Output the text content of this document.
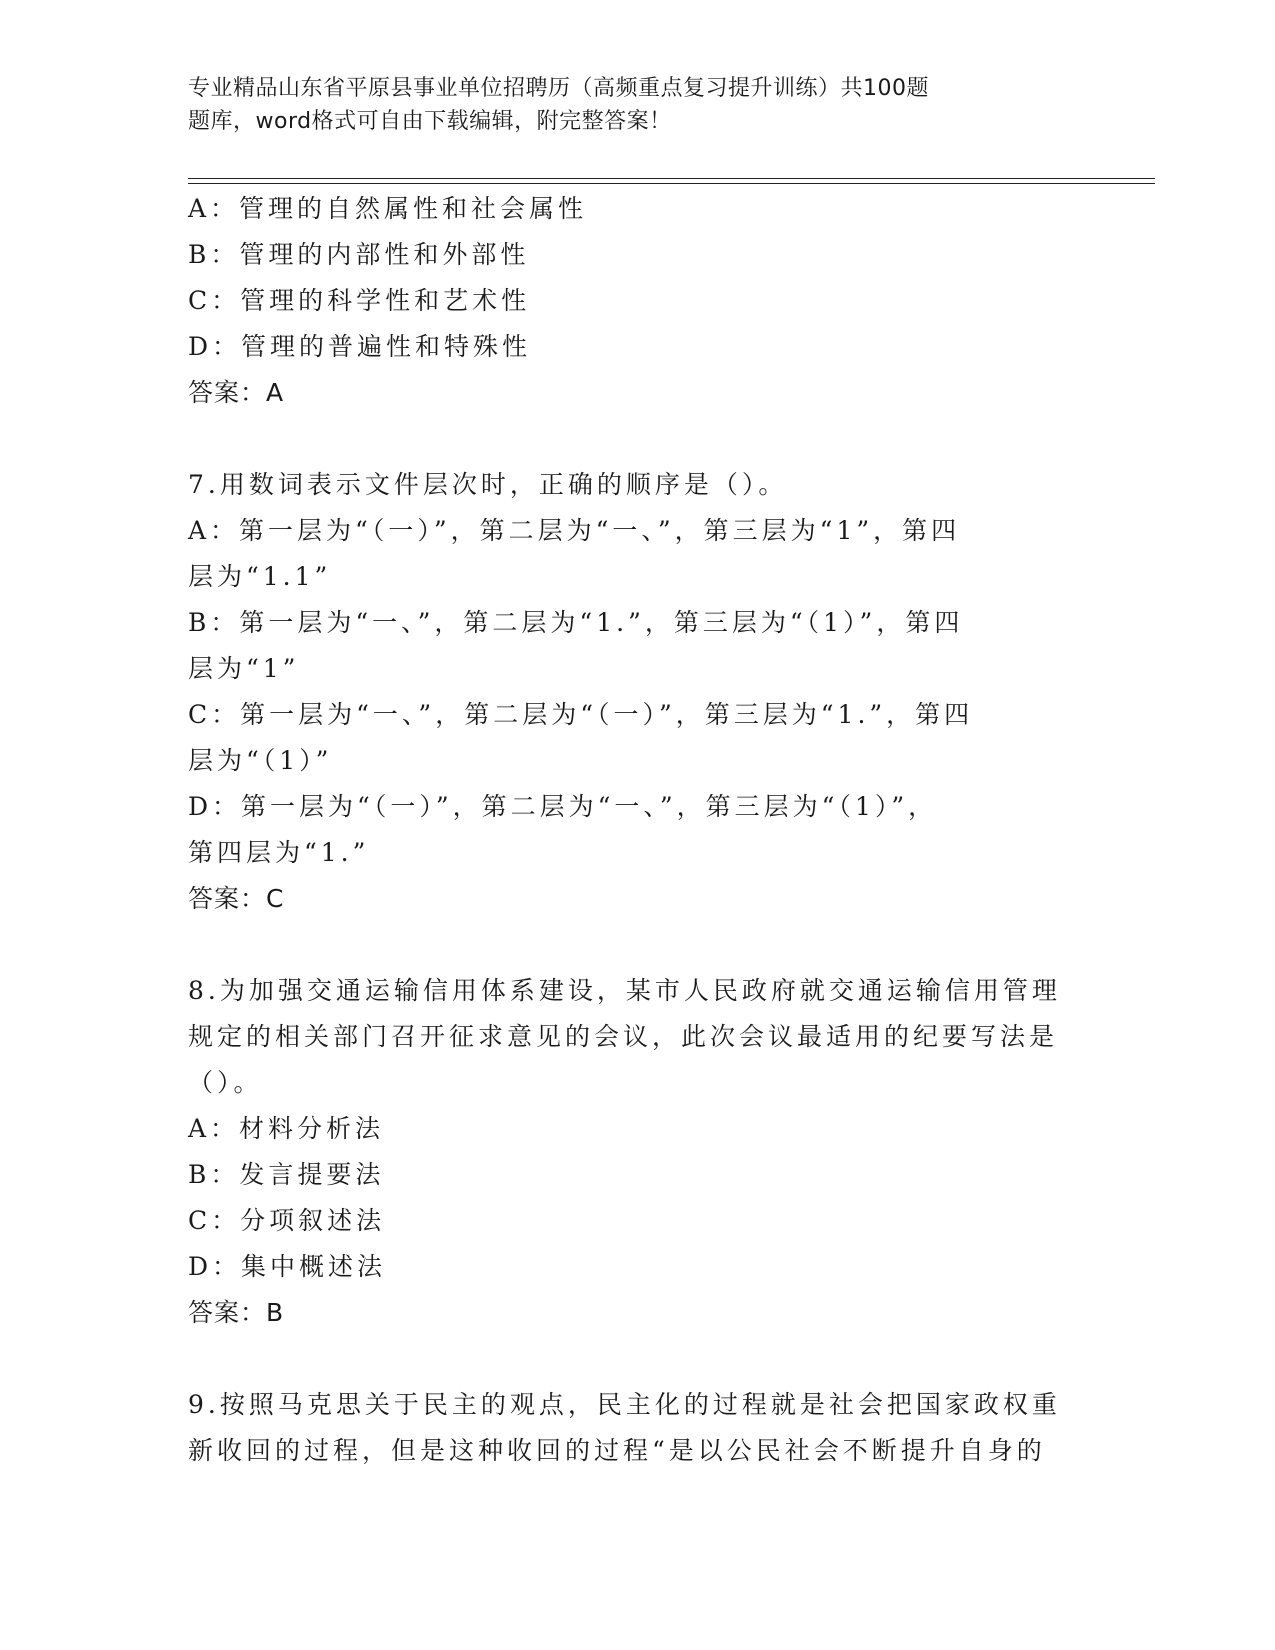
专业精品山东省平原县事业单位招聘历（高频重点复习提升训练）共100题
题库，word格式可自由下载编辑，附完整答案！

A：管理的自然属性和社会属性

B：管理的内部性和外部性

C：管理的科学性和艺术性

D：管理的普遍性和特殊性

答案：A

7.用数词表示文件层次时，正确的顺序是（）。

A：第一层为“（一）”，第二层为“一、”，第三层为“1”，第四

层为“1.1”

B：第一层为“一、”，第二层为“1.”，第三层为“（1）”，第四

层为“1”

C：第一层为“一、”，第二层为“（一）”，第三层为“1.”，第四

层为“（1）”

D：第一层为“（一）”，第二层为“一、”，第三层为“（1）”，

第四层为“1.”

答案：C

8.为加强交通运输信用体系建设，某市人民政府就交通运输信用管理

规定的相关部门召开征求意见的会议，此次会议最适用的纪要写法是

（）。

A：材料分析法

B：发言提要法

C：分项叙述法

D：集中概述法

答案：B

9.按照马克思关于民主的观点，民主化的过程就是社会把国家政权重

新收回的过程，但是这种收回的过程“是以公民社会不断提升自身的
